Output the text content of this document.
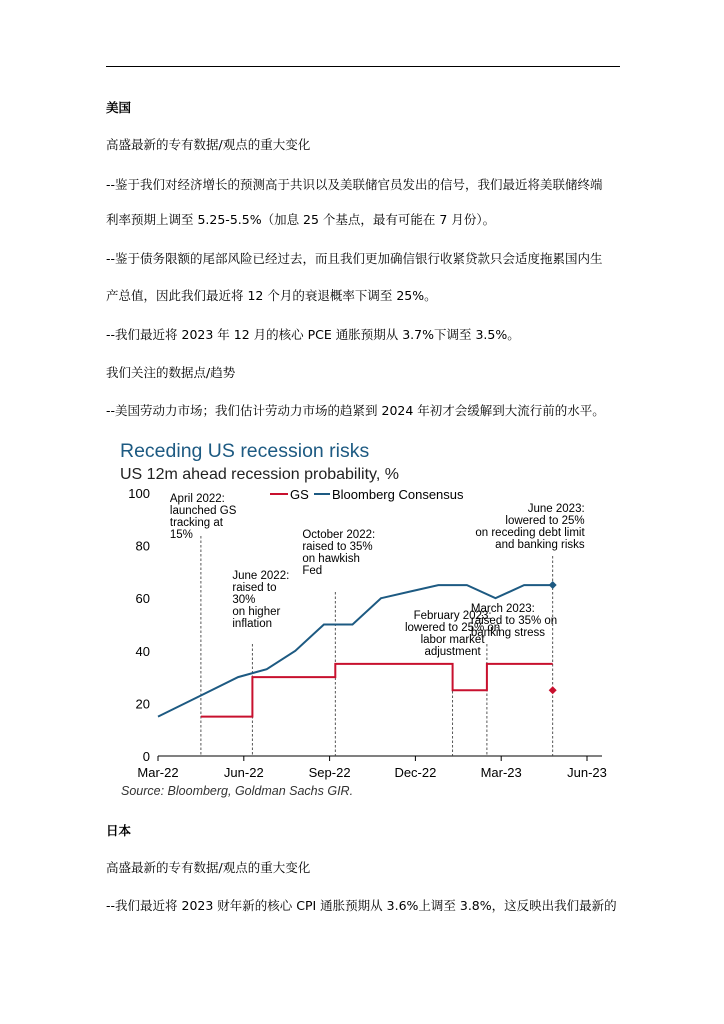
美国
高盛最新的专有数据/观点的重大变化
--鉴于我们对经济增长的预测高于共识以及美联储官员发出的信号，我们最近将美联储终端
利率预期上调至 5.25-5.5%（加息 25 个基点，最有可能在 7 月份）。
--鉴于债务限额的尾部风险已经过去，而且我们更加确信银行收紧贷款只会适度拖累国内生
产总值，因此我们最近将 12 个月的衰退概率下调至 25%。
--我们最近将 2023 年 12 月的核心 PCE 通胀预期从 3.7%下调至 3.5%。
我们关注的数据点/趋势
--美国劳动力市场；我们估计劳动力市场的趋紧到 2024 年初才会缓解到大流行前的水平。
Receding US recession risks
US 12m ahead recession probability, %
GS Bloomberg Consensus
0
20
40
60
80
100
Mar-22	Jun-22	Sep-22	Dec-22	Mar-23	Jun-23
April 2022: launched GS tracking at 15%
June 2022: raised to 30% on higher inflation
October 2022: raised to 35% on hawkish Fed
February 2023: lowered to 25% on labor market adjustment
March 2023: raised to 35% on banking stress
June 2023: lowered to 25% on receding debt limit and banking risks
Source: Bloomberg, Goldman Sachs GIR.
日本
高盛最新的专有数据/观点的重大变化
--我们最近将 2023 财年新的核心 CPI 通胀预期从 3.6%上调至 3.8%，这反映出我们最新的
